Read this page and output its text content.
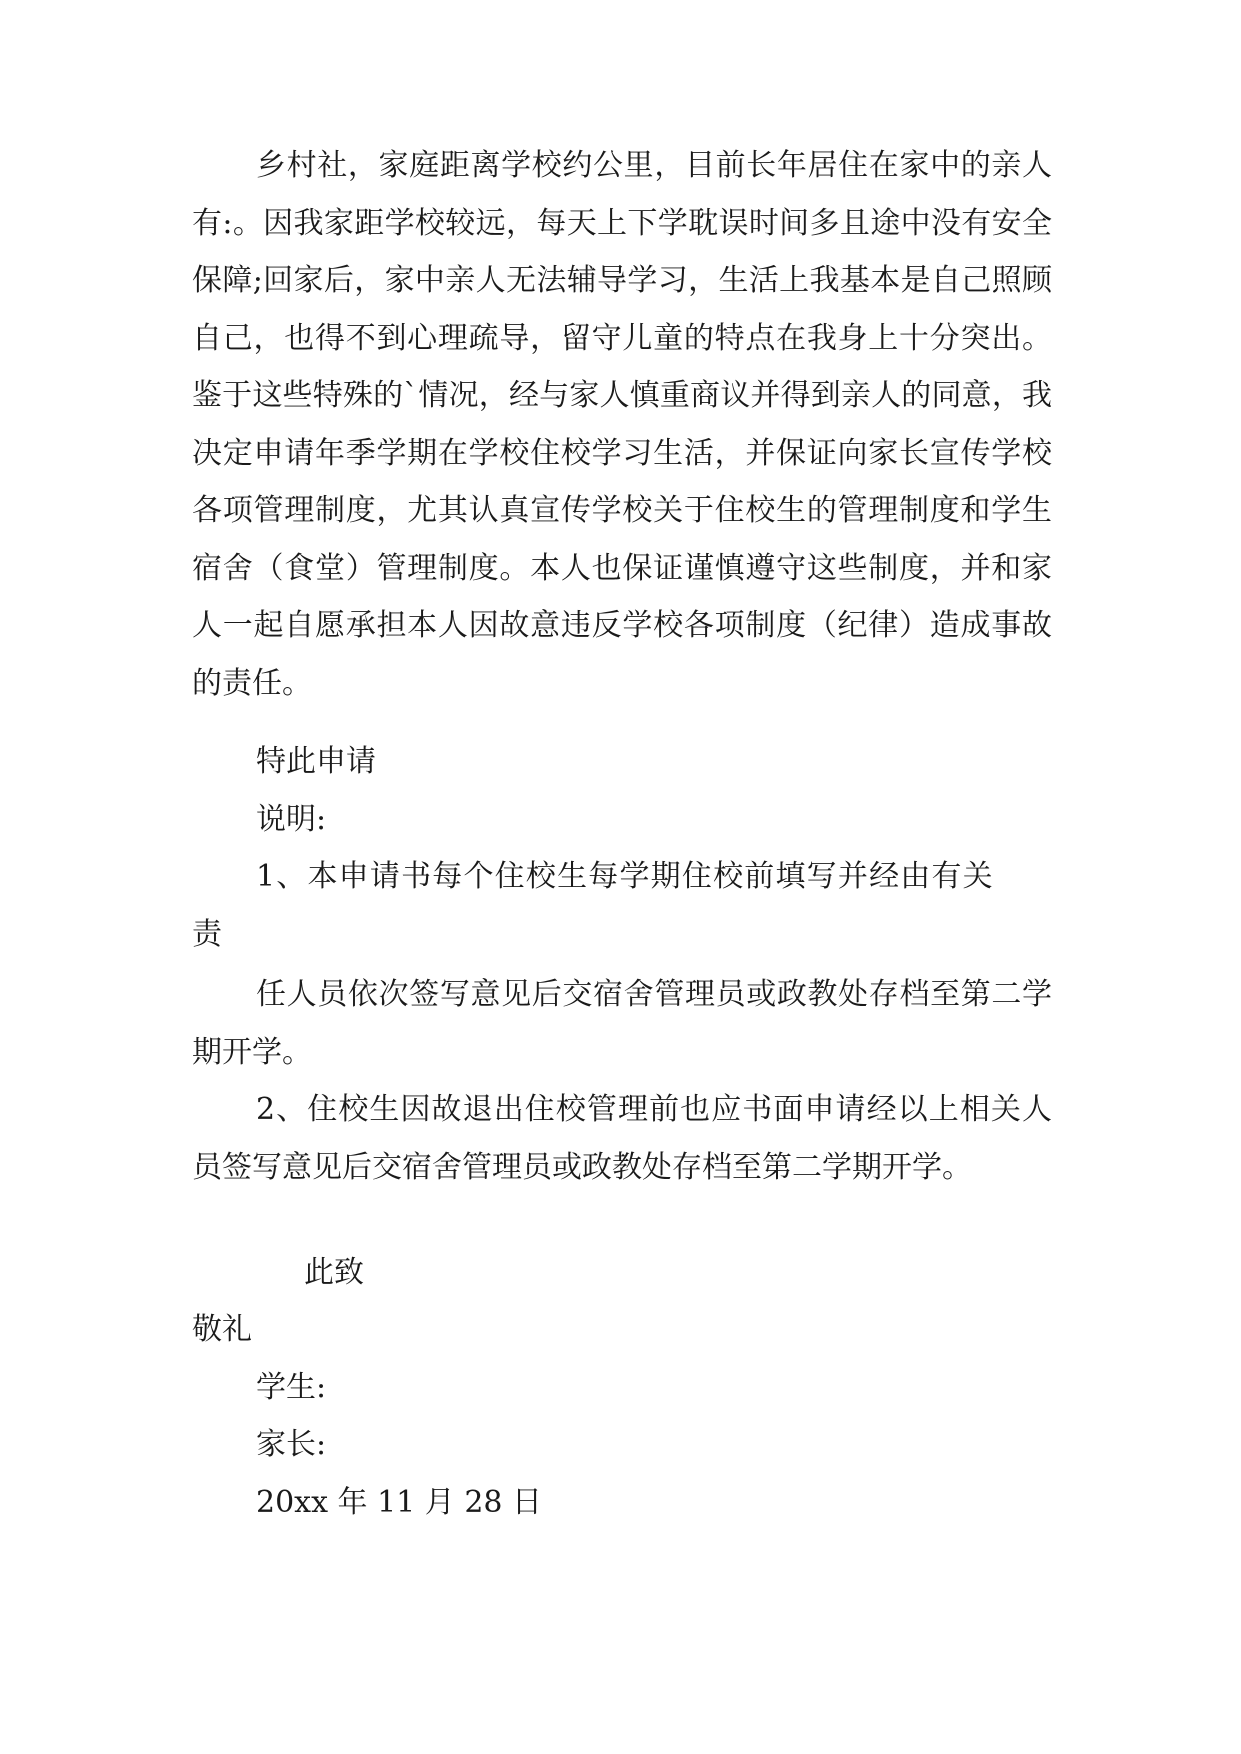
乡村社，家庭距离学校约公里，目前长年居住在家中的亲人有:。因我家距学校较远，每天上下学耽误时间多且途中没有安全保障;回家后，家中亲人无法辅导学习，生活上我基本是自己照顾自己，也得不到心理疏导，留守儿童的特点在我身上十分突出。鉴于这些特殊的`情况，经与家人慎重商议并得到亲人的同意，我决定申请年季学期在学校住校学习生活，并保证向家长宣传学校各项管理制度，尤其认真宣传学校关于住校生的管理制度和学生宿舍（食堂）管理制度。本人也保证谨慎遵守这些制度，并和家人一起自愿承担本人因故意违反学校各项制度（纪律）造成事故的责任。

特此申请

说明:

1、本申请书每个住校生每学期住校前填写并经由有关

责

任人员依次签写意见后交宿舍管理员或政教处存档至第二学期开学。

2、住校生因故退出住校管理前也应书面申请经以上相关人员签写意见后交宿舍管理员或政教处存档至第二学期开学。

此致

敬礼

学生:

家长:

20xx 年 11 月 28 日
